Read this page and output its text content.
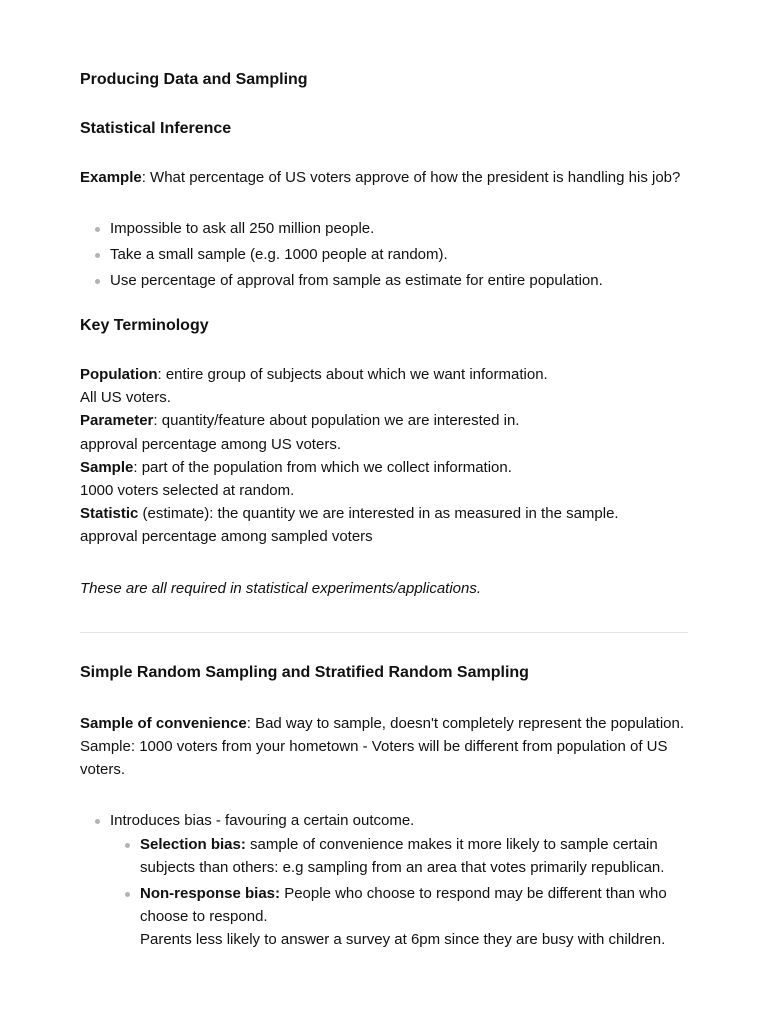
Producing Data and Sampling
Statistical Inference

Example: What percentage of US voters approve of how the president is handling his job?

Impossible to ask all 250 million people.
Take a small sample (e.g. 1000 people at random).
Use percentage of approval from sample as estimate for entire population.
Key Terminology

Population: entire group of subjects about which we want information.

All US voters.

Parameter: quantity/feature about population we are interested in.

approval percentage among US voters.

Sample: part of the population from which we collect information.

1000 voters selected at random.

Statistic (estimate): the quantity we are interested in as measured in the sample.

approval percentage among sampled voters

These are all required in statistical experiments/applications.

Simple Random Sampling and Stratified Random Sampling

Sample of convenience: Bad way to sample, doesn't completely represent the population.

Sample: 1000 voters from your hometown - Voters will be different from population of US voters.

Introduces bias - favouring a certain outcome.
Selection bias: sample of convenience makes it more likely to sample certain subjects than others: e.g sampling from an area that votes primarily republican.
Non-response bias: People who choose to respond may be different than who choose to respond.
Parents less likely to answer a survey at 6pm since they are busy with children.
